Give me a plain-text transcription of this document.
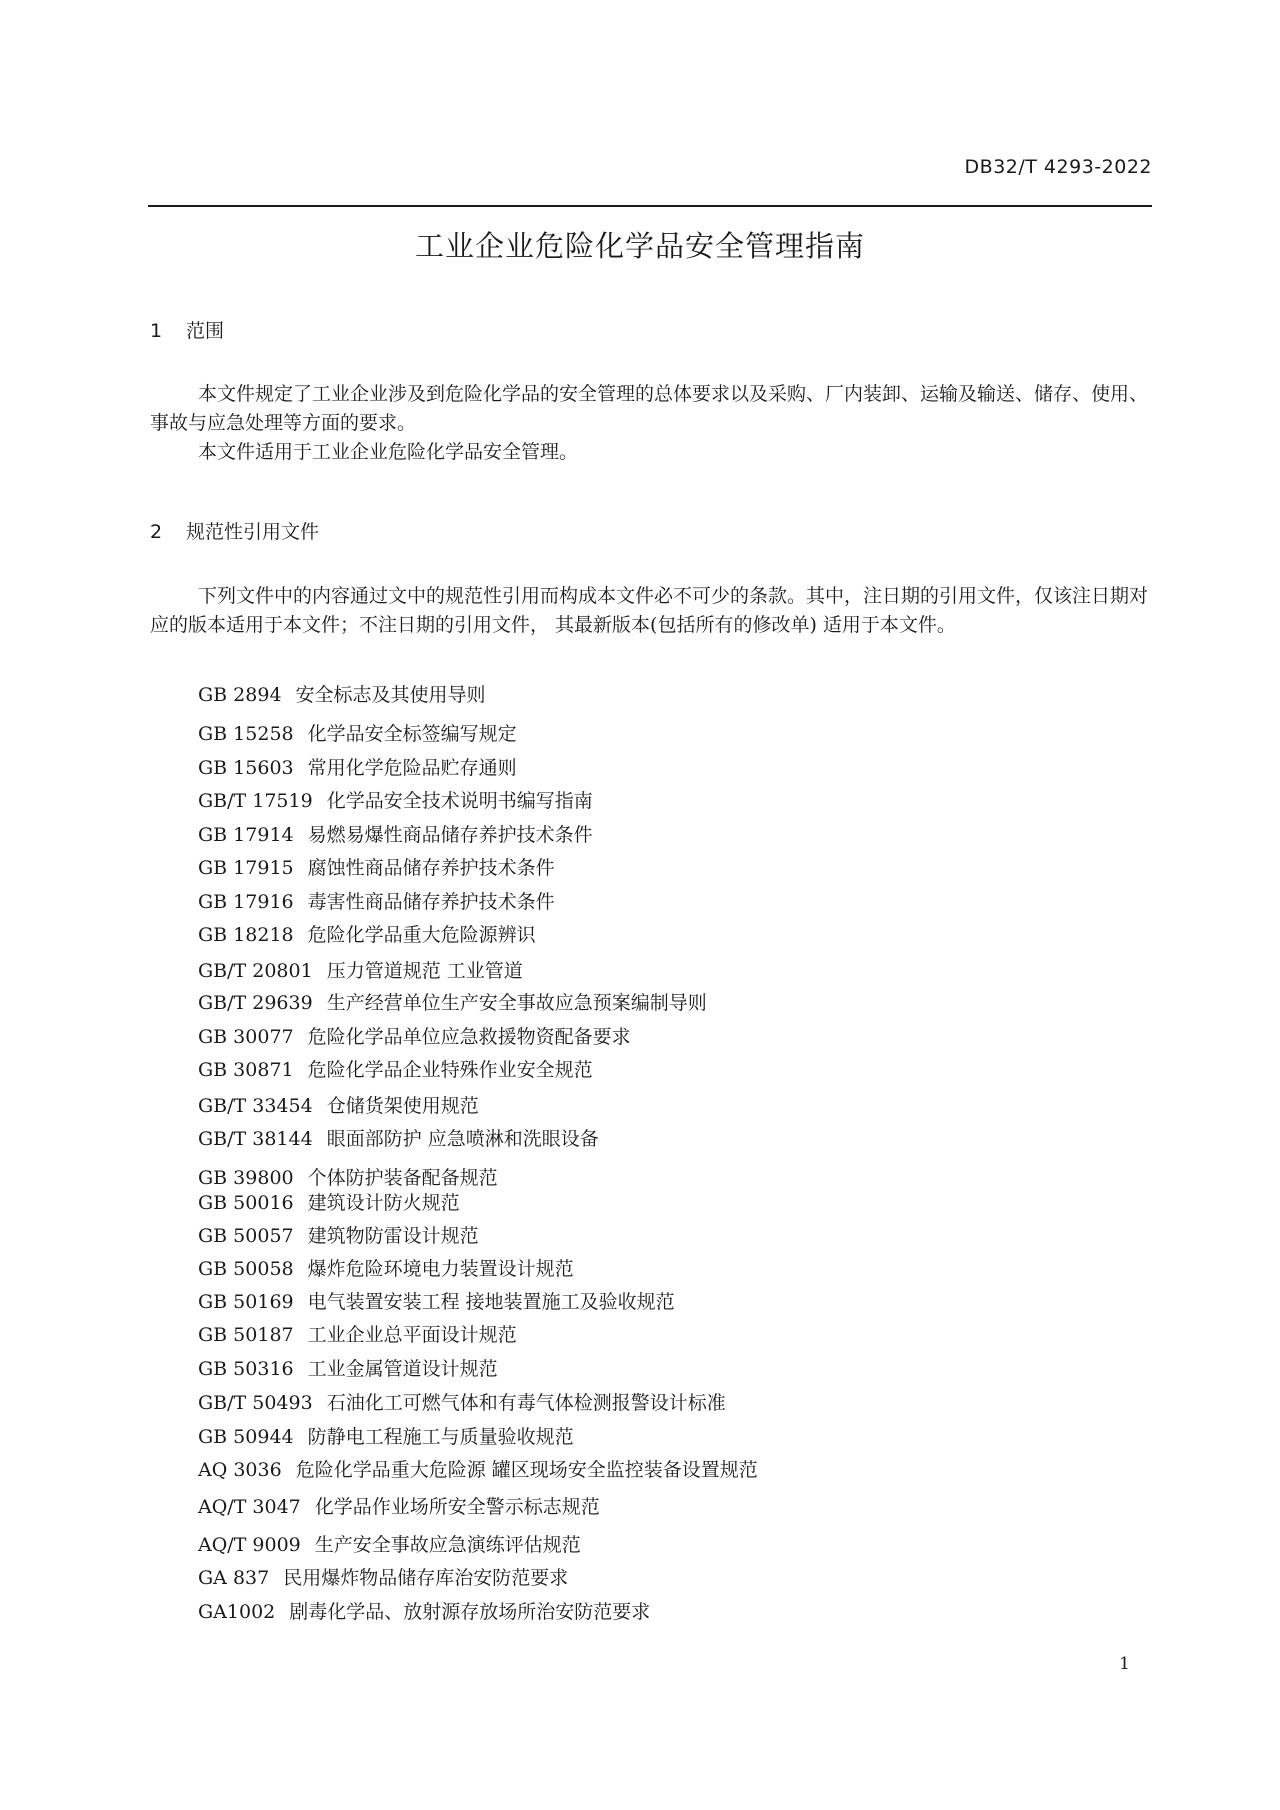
DB32/T 4293-2022
工业企业危险化学品安全管理指南
1 范围
本文件规定了工业企业涉及到危险化学品的安全管理的总体要求以及采购、厂内装卸、运输及输送、储存、使用、事故与应急处理等方面的要求。
本文件适用于工业企业危险化学品安全管理。
2 规范性引用文件
下列文件中的内容通过文中的规范性引用而构成本文件必不可少的条款。其中，注日期的引用文件，仅该注日期对应的版本适用于本文件；不注日期的引用文件， 其最新版本(包括所有的修改单) 适用于本文件。
GB 2894 安全标志及其使用导则
GB 15258 化学品安全标签编写规定
GB 15603 常用化学危险品贮存通则
GB/T 17519 化学品安全技术说明书编写指南
GB 17914 易燃易爆性商品储存养护技术条件
GB 17915 腐蚀性商品储存养护技术条件
GB 17916 毒害性商品储存养护技术条件
GB 18218 危险化学品重大危险源辨识
GB/T 20801 压力管道规范 工业管道
GB/T 29639 生产经营单位生产安全事故应急预案编制导则
GB 30077 危险化学品单位应急救援物资配备要求
GB 30871 危险化学品企业特殊作业安全规范
GB/T 33454 仓储货架使用规范
GB/T 38144 眼面部防护 应急喷淋和洗眼设备
GB 39800 个体防护装备配备规范
GB 50016 建筑设计防火规范
GB 50057 建筑物防雷设计规范
GB 50058 爆炸危险环境电力装置设计规范
GB 50169 电气装置安装工程 接地装置施工及验收规范
GB 50187 工业企业总平面设计规范
GB 50316 工业金属管道设计规范
GB/T 50493 石油化工可燃气体和有毒气体检测报警设计标准
GB 50944 防静电工程施工与质量验收规范
AQ 3036 危险化学品重大危险源 罐区现场安全监控装备设置规范
AQ/T 3047 化学品作业场所安全警示标志规范
AQ/T 9009 生产安全事故应急演练评估规范
GA 837 民用爆炸物品储存库治安防范要求
GA1002 剧毒化学品、放射源存放场所治安防范要求
1
